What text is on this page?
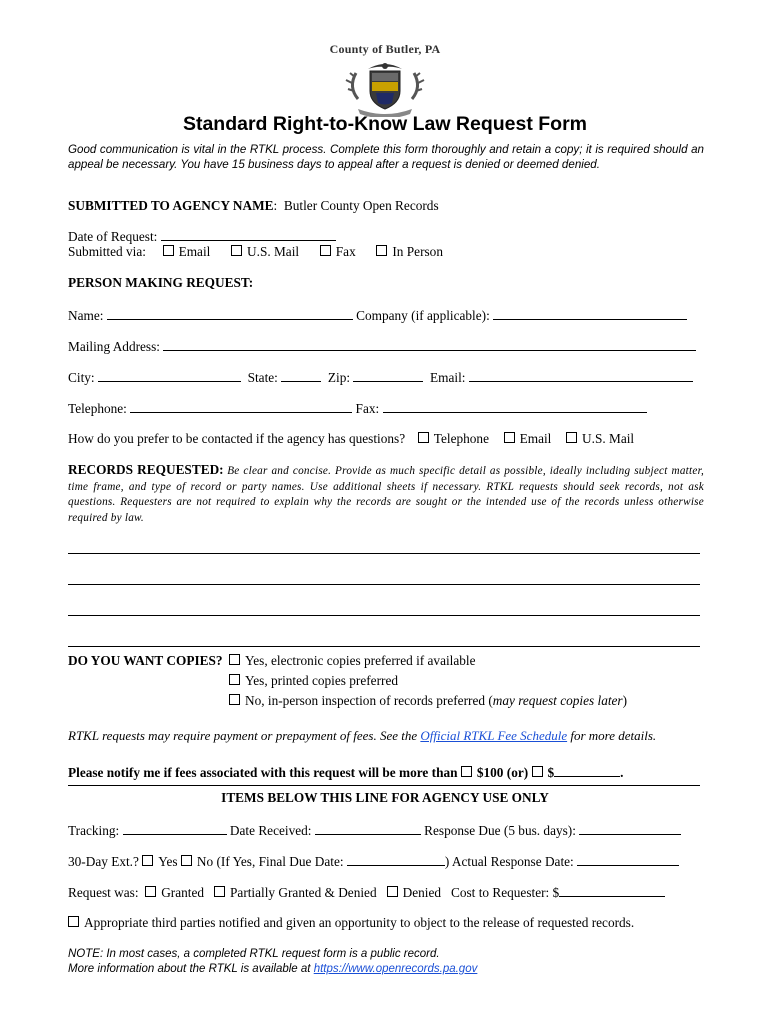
County of Butler, PA
Standard Right-to-Know Law Request Form
Good communication is vital in the RTKL process. Complete this form thoroughly and retain a copy; it is required should an appeal be necessary. You have 15 business days to appeal after a request is denied or deemed denied.
SUBMITTED TO AGENCY NAME: Butler County Open Records
Date of Request:
Submitted via: Email	U.S. Mail	Fax	In Person
PERSON MAKING REQUEST:
Name:	Company (if applicable):
Mailing Address:
City:	State:	Zip:	Email:
Telephone:	Fax:
How do you prefer to be contacted if the agency has questions? Telephone Email U.S. Mail
RECORDS REQUESTED: Be clear and concise. Provide as much specific detail as possible, ideally including subject matter, time frame, and type of record or party names. Use additional sheets if necessary. RTKL requests should seek records, not ask questions. Requesters are not required to explain why the records are sought or the intended use of the records unless otherwise required by law.
DO YOU WANT COPIES?	Yes, electronic copies preferred if available
Yes, printed copies preferred
No, in-person inspection of records preferred (may request copies later)
RTKL requests may require payment or prepayment of fees. See the Official RTKL Fee Schedule for more details.
Please notify me if fees associated with this request will be more than $100 (or) $	.
ITEMS BELOW THIS LINE FOR AGENCY USE ONLY
Tracking:	Date Received:	Response Due (5 bus. days):
30-Day Ext.? Yes No (If Yes, Final Due Date:	) Actual Response Date:
Request was: Granted Partially Granted & Denied Denied Cost to Requester: $
Appropriate third parties notified and given an opportunity to object to the release of requested records.
NOTE: In most cases, a completed RTKL request form is a public record.
More information about the RTKL is available at https://www.openrecords.pa.gov
